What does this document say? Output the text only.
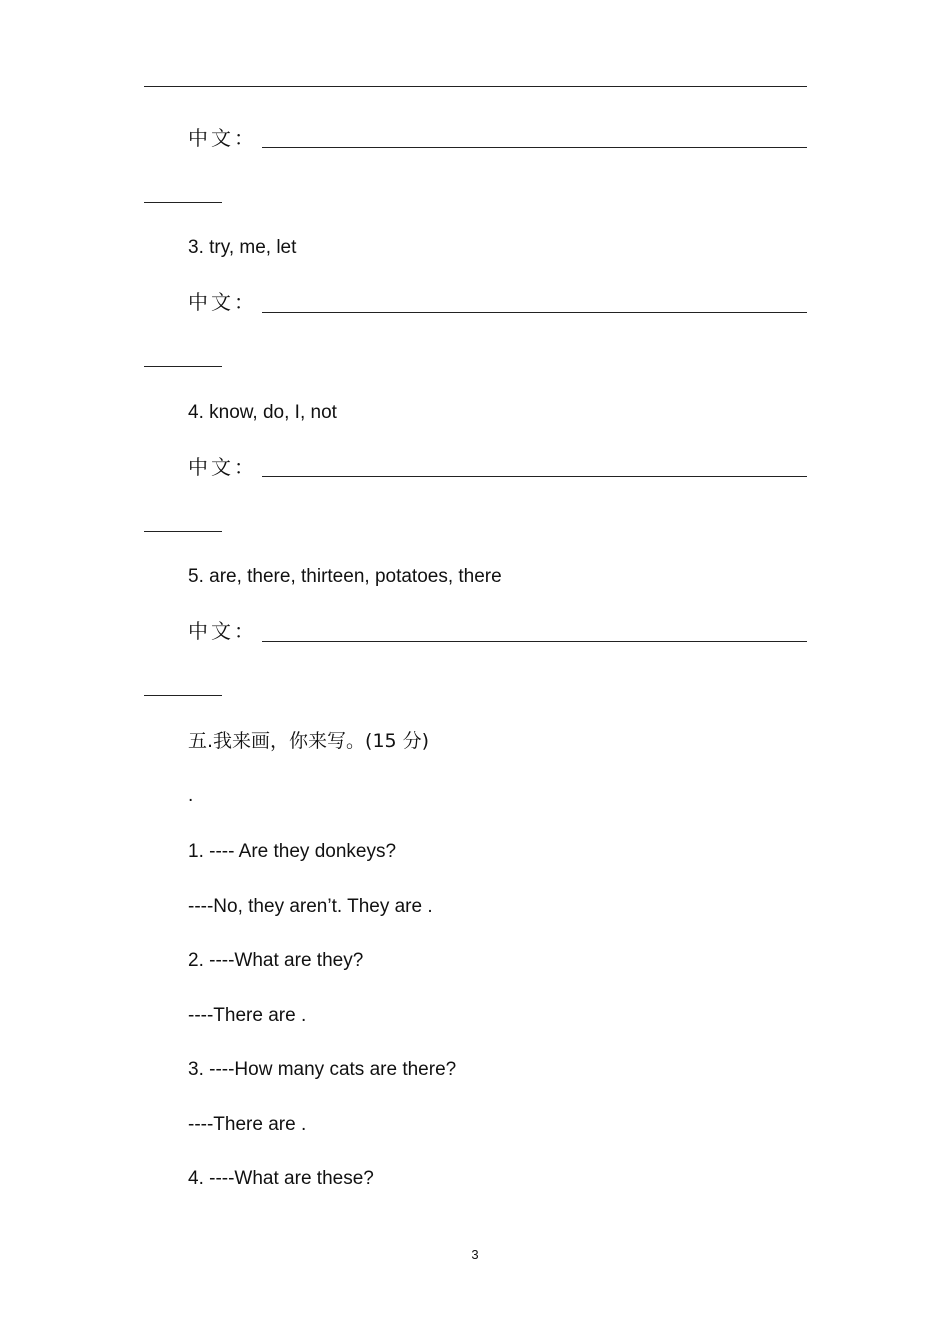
中文：
3. try, me, let
中文：
4. know, do, I, not
中文：
5. are, there, thirteen, potatoes, there
中文：
五.我来画，你来写。(15 分)
.
1. ---- Are they donkeys?
----No, they aren’t. They are .
2. ----What are they?
----There are .
3. ----How many cats are there?
----There are .
4. ----What are these?
3
